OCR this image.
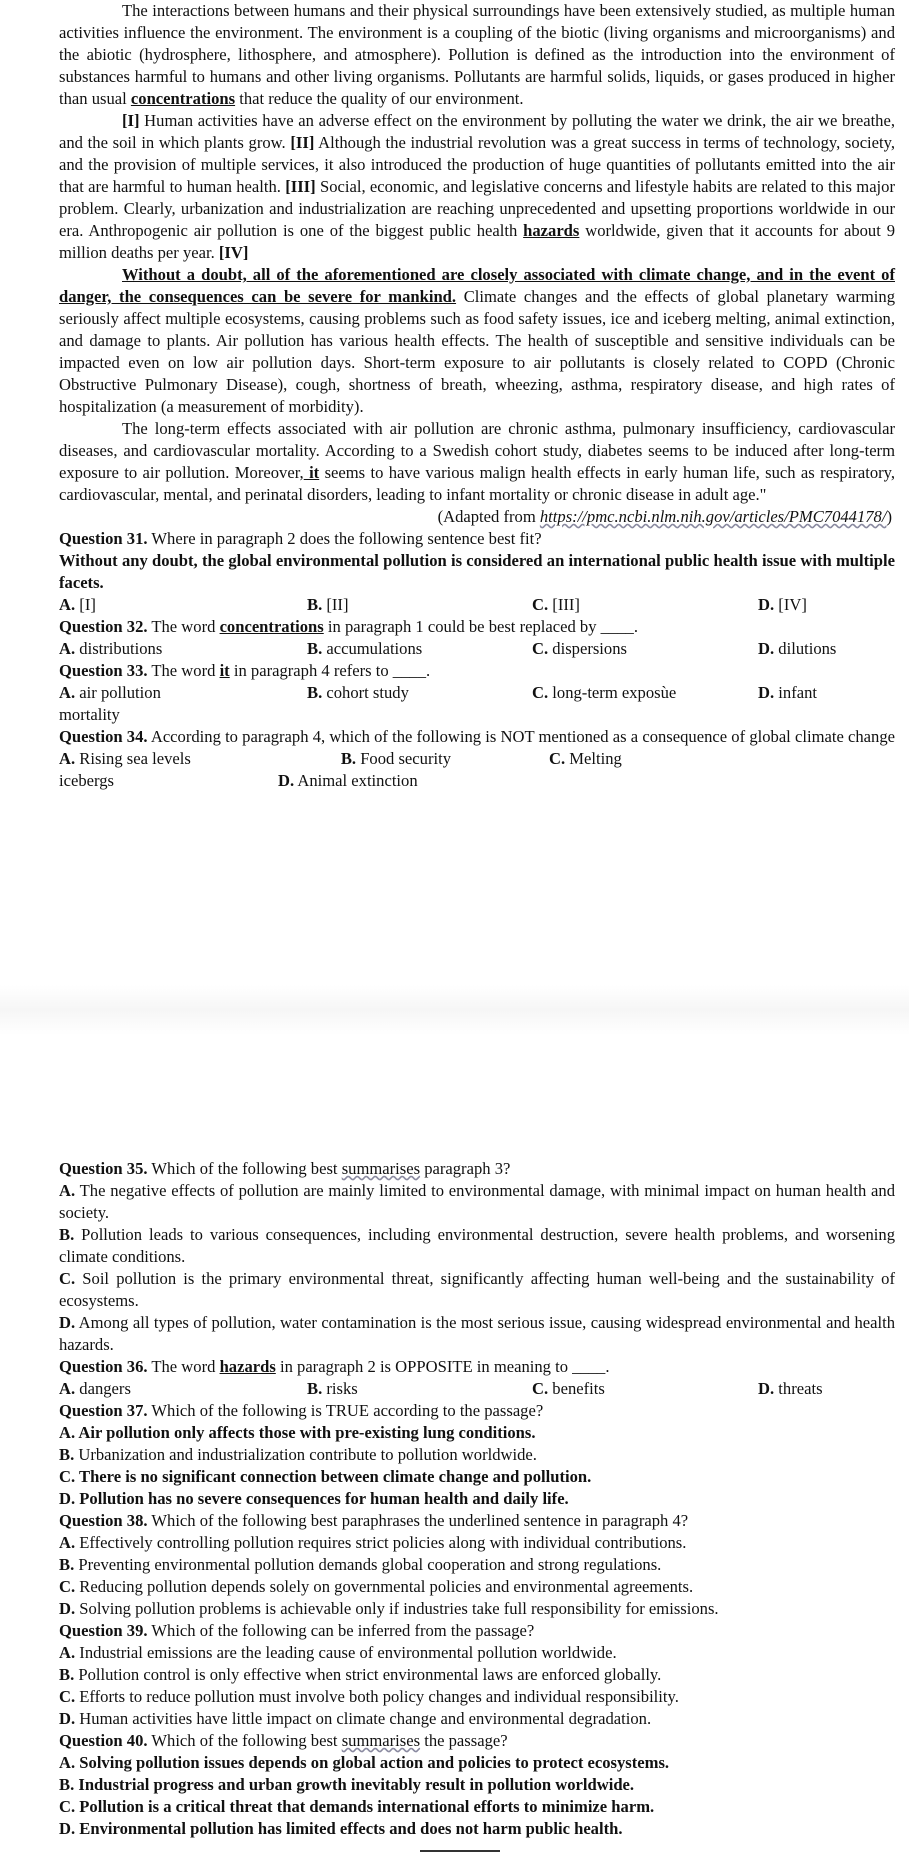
The interactions between humans and their physical surroundings have been extensively studied, as multiple human activities influence the environment. The environment is a coupling of the biotic (living organisms and microorganisms) and the abiotic (hydrosphere, lithosphere, and atmosphere). Pollution is defined as the introduction into the environment of substances harmful to humans and other living organisms. Pollutants are harmful solids, liquids, or gases produced in higher than usual concentrations that reduce the quality of our environment.

[I] Human activities have an adverse effect on the environment by polluting the water we drink, the air we breathe, and the soil in which plants grow. [II] Although the industrial revolution was a great success in terms of technology, society, and the provision of multiple services, it also introduced the production of huge quantities of pollutants emitted into the air that are harmful to human health. [III] Social, economic, and legislative concerns and lifestyle habits are related to this major problem. Clearly, urbanization and industrialization are reaching unprecedented and upsetting proportions worldwide in our era. Anthropogenic air pollution is one of the biggest public health hazards worldwide, given that it accounts for about 9 million deaths per year. [IV]

Without a doubt, all of the aforementioned are closely associated with climate change, and in the event of danger, the consequences can be severe for mankind. Climate changes and the effects of global planetary warming seriously affect multiple ecosystems, causing problems such as food safety issues, ice and iceberg melting, animal extinction, and damage to plants. Air pollution has various health effects. The health of susceptible and sensitive individuals can be impacted even on low air pollution days. Short-term exposure to air pollutants is closely related to COPD (Chronic Obstructive Pulmonary Disease), cough, shortness of breath, wheezing, asthma, respiratory disease, and high rates of hospitalization (a measurement of morbidity).

The long-term effects associated with air pollution are chronic asthma, pulmonary insufficiency, cardiovascular diseases, and cardiovascular mortality. According to a Swedish cohort study, diabetes seems to be induced after long-term exposure to air pollution. Moreover, it seems to have various malign health effects in early human life, such as respiratory, cardiovascular, mental, and perinatal disorders, leading to infant mortality or chronic disease in adult age."

(Adapted from https://pmc.ncbi.nlm.nih.gov/articles/PMC7044178/)

Question 31. Where in paragraph 2 does the following sentence best fit?

Without any doubt, the global environmental pollution is considered an international public health issue with multiple facets.

A. [I]	B. [II]	C. [III]	D. [IV]

Question 32. The word concentrations in paragraph 1 could be best replaced by ____.

A. distributions	B. accumulations	C. dispersions	D. dilutions

Question 33. The word it in paragraph 4 refers to ____.

A. air pollution	B. cohort study	C. long-term exposùe	D. infant

mortality

Question 34. According to paragraph 4, which of the following is NOT mentioned as a consequence of global climate change A. Rising sea levels	B. Food security	C. Melting

icebergs	D. Animal extinction

Question 35. Which of the following best summarises paragraph 3?

A. The negative effects of pollution are mainly limited to environmental damage, with minimal impact on human health and society.

B. Pollution leads to various consequences, including environmental destruction, severe health problems, and worsening climate conditions.

C. Soil pollution is the primary environmental threat, significantly affecting human well-being and the sustainability of ecosystems.

D. Among all types of pollution, water contamination is the most serious issue, causing widespread environmental and health hazards.

Question 36. The word hazards in paragraph 2 is OPPOSITE in meaning to ____.

A. dangers	B. risks	C. benefits	D. threats

Question 37. Which of the following is TRUE according to the passage?

A. Air pollution only affects those with pre-existing lung conditions.

B. Urbanization and industrialization contribute to pollution worldwide.

C. There is no significant connection between climate change and pollution.

D. Pollution has no severe consequences for human health and daily life.

Question 38. Which of the following best paraphrases the underlined sentence in paragraph 4?

A. Effectively controlling pollution requires strict policies along with individual contributions.

B. Preventing environmental pollution demands global cooperation and strong regulations.

C. Reducing pollution depends solely on governmental policies and environmental agreements.

D. Solving pollution problems is achievable only if industries take full responsibility for emissions.

Question 39. Which of the following can be inferred from the passage?

A. Industrial emissions are the leading cause of environmental pollution worldwide.

B. Pollution control is only effective when strict environmental laws are enforced globally.

C. Efforts to reduce pollution must involve both policy changes and individual responsibility.

D. Human activities have little impact on climate change and environmental degradation.

Question 40. Which of the following best summarises the passage?

A. Solving pollution issues depends on global action and policies to protect ecosystems.

B. Industrial progress and urban growth inevitably result in pollution worldwide.

C. Pollution is a critical threat that demands international efforts to minimize harm.

D. Environmental pollution has limited effects and does not harm public health.
